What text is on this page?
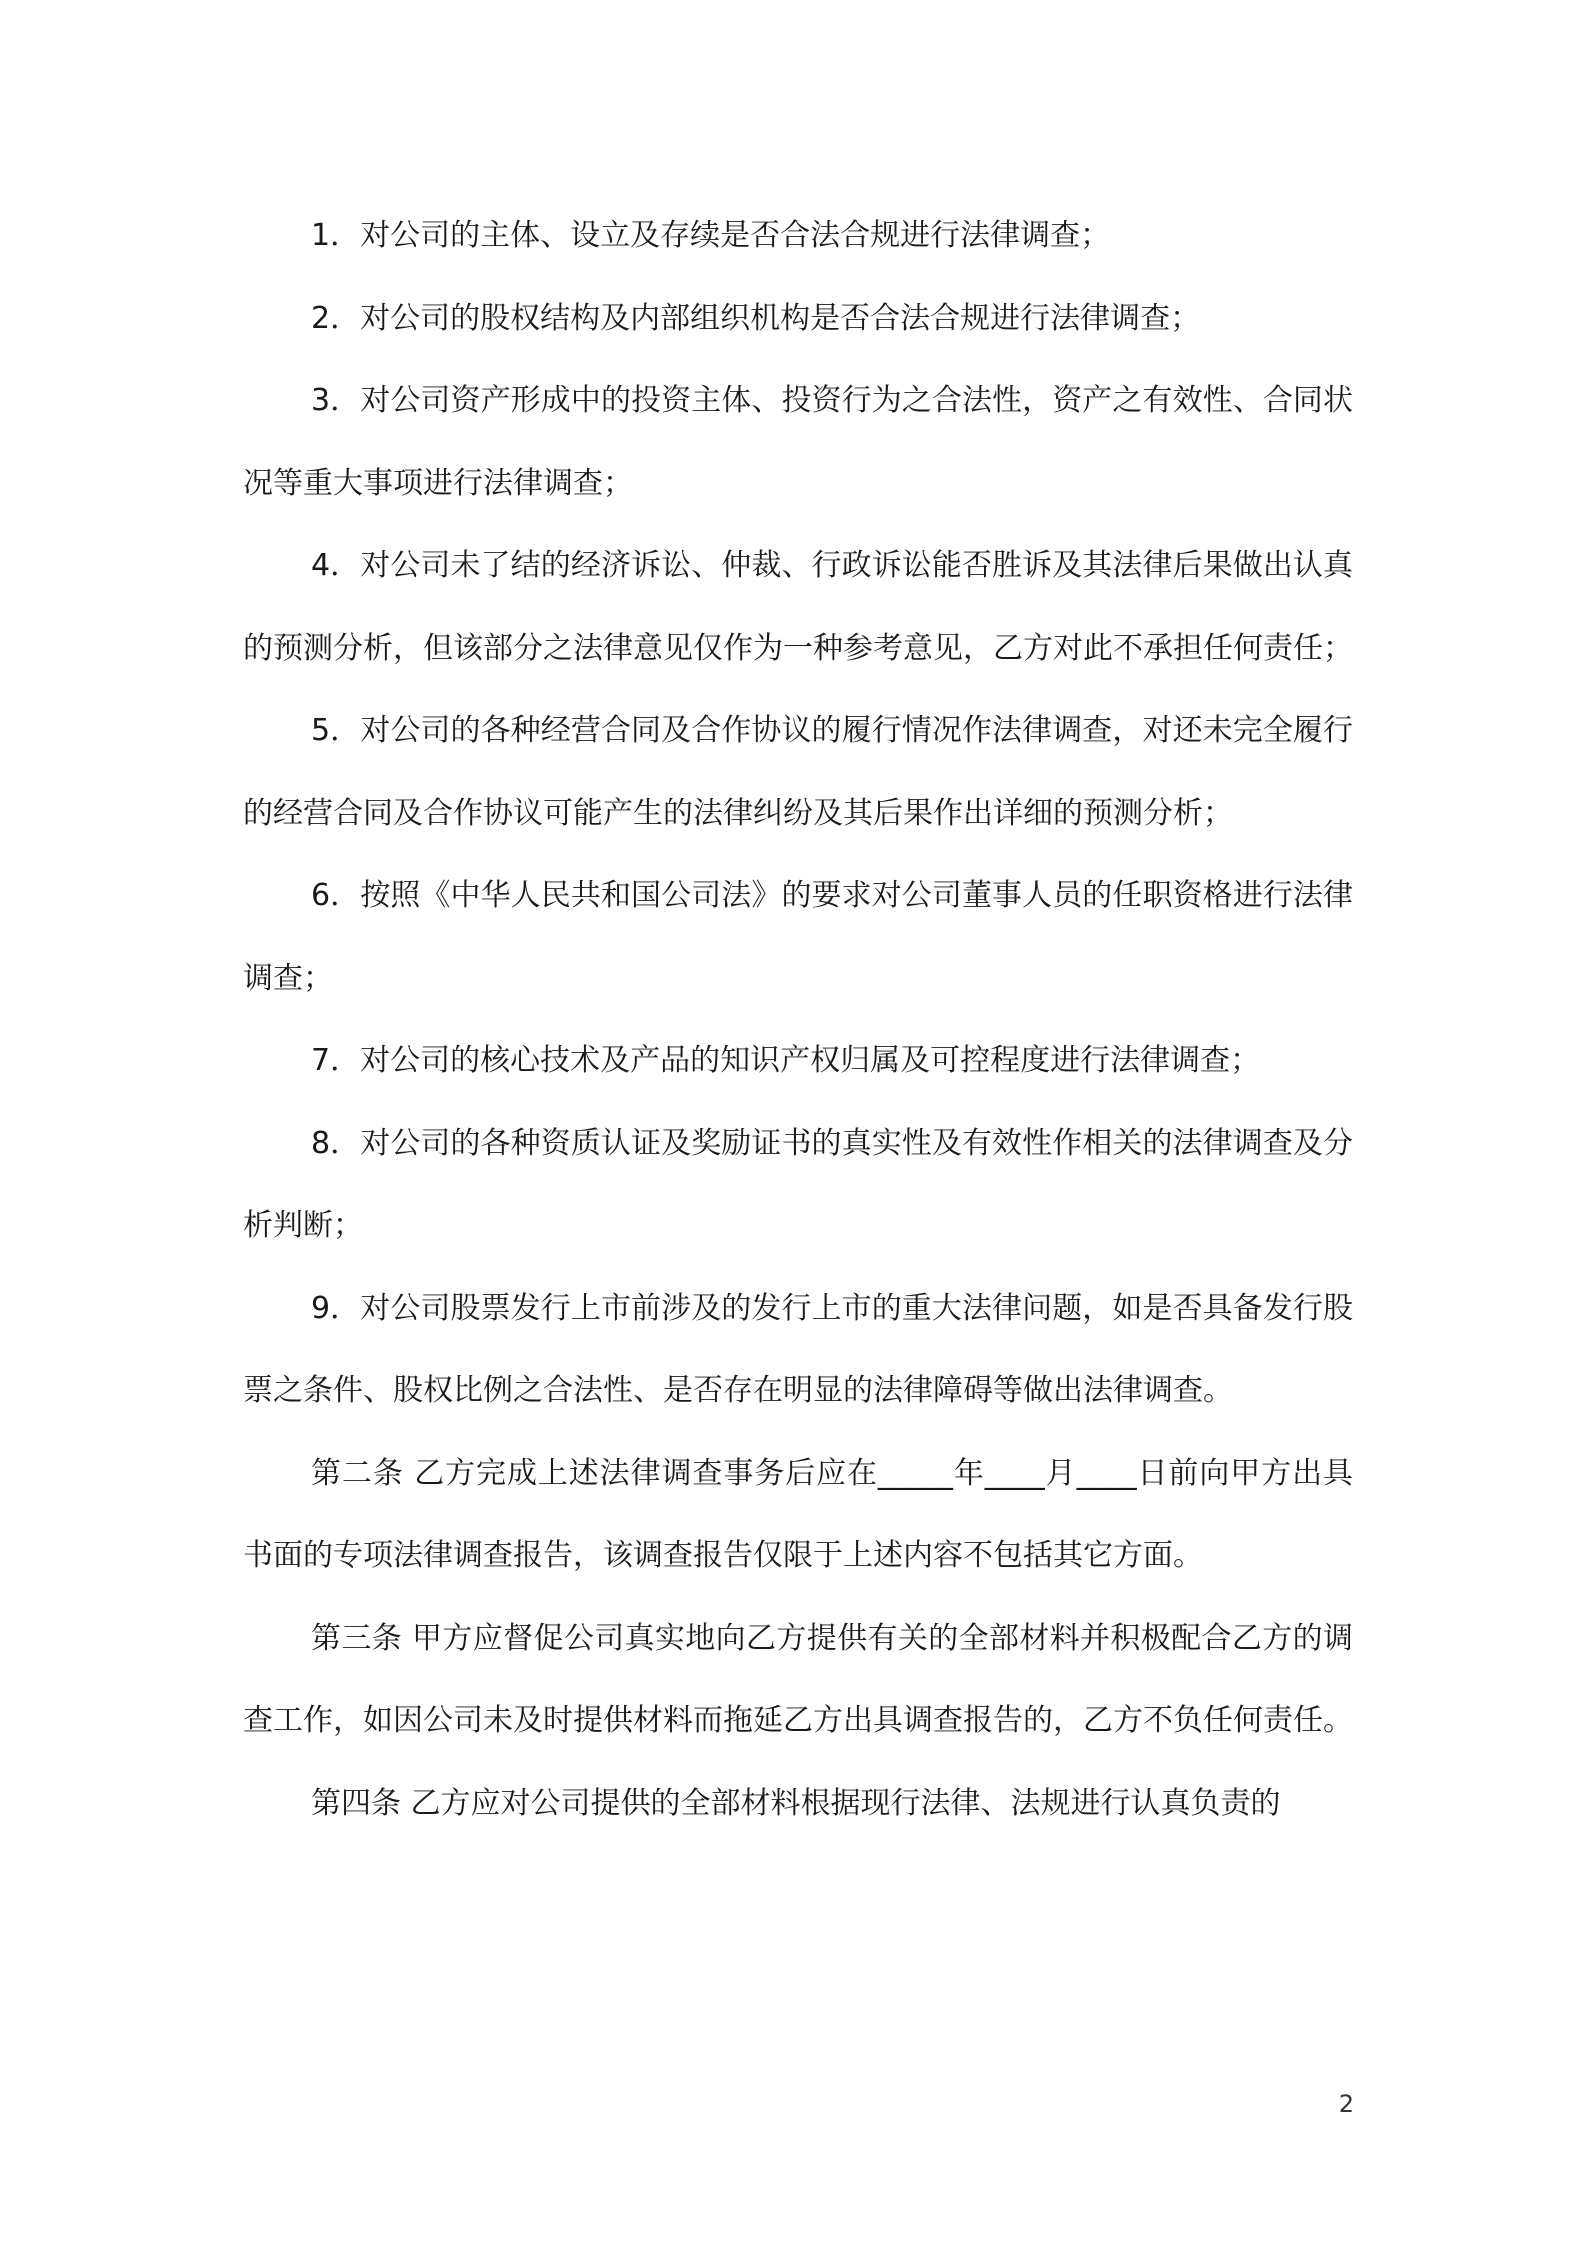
1．对公司的主体、设立及存续是否合法合规进行法律调查；

2．对公司的股权结构及内部组织机构是否合法合规进行法律调查；

3．对公司资产形成中的投资主体、投资行为之合法性，资产之有效性、合同状况等重大事项进行法律调查；

4．对公司未了结的经济诉讼、仲裁、行政诉讼能否胜诉及其法律后果做出认真的预测分析，但该部分之法律意见仅作为一种参考意见，乙方对此不承担任何责任；

5．对公司的各种经营合同及合作协议的履行情况作法律调查，对还未完全履行的经营合同及合作协议可能产生的法律纠纷及其后果作出详细的预测分析；

6．按照《中华人民共和国公司法》的要求对公司董事人员的任职资格进行法律调查；

7．对公司的核心技术及产品的知识产权归属及可控程度进行法律调查；

8．对公司的各种资质认证及奖励证书的真实性及有效性作相关的法律调查及分析判断；

9．对公司股票发行上市前涉及的发行上市的重大法律问题，如是否具备发行股票之条件、股权比例之合法性、是否存在明显的法律障碍等做出法律调查。

第二条 乙方完成上述法律调查事务后应在_____年____月____日前向甲方出具书面的专项法律调查报告，该调查报告仅限于上述内容不包括其它方面。

第三条 甲方应督促公司真实地向乙方提供有关的全部材料并积极配合乙方的调查工作，如因公司未及时提供材料而拖延乙方出具调查报告的，乙方不负任何责任。

第四条 乙方应对公司提供的全部材料根据现行法律、法规进行认真负责的

2
